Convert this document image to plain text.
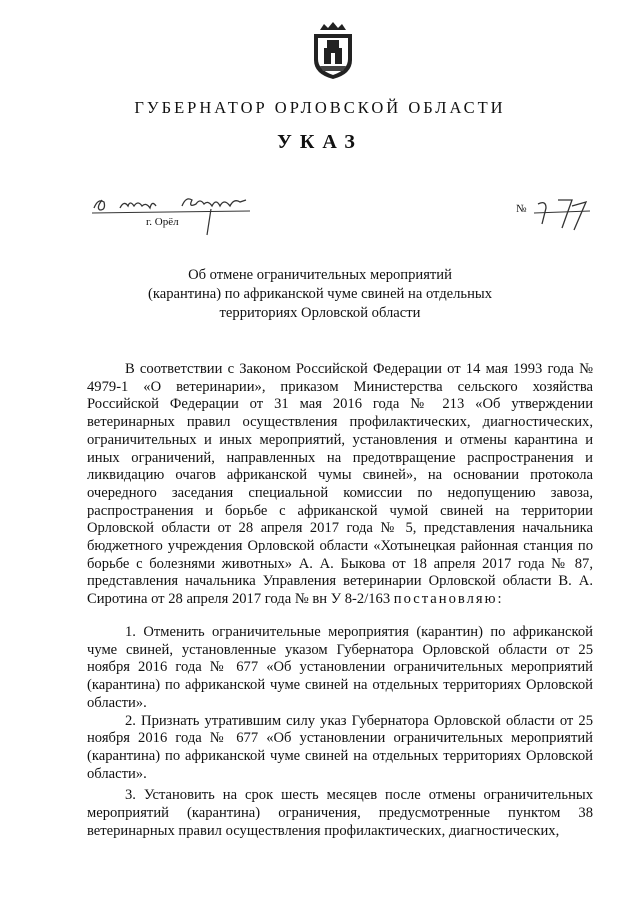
ГУБЕРНАТОР ОРЛОВСКОЙ ОБЛАСТИ
УКАЗ
г. Орёл
№
Об отмене ограничительных мероприятий
(карантина) по африканской чуме свиней на отдельных
территориях Орловской области

В соответствии с Законом Российской Федерации от 14 мая 1993 года № 4979-1 «О ветеринарии», приказом Министерства сельского хозяйства Российской Федерации от 31 мая 2016 года № 213 «Об утверждении ветеринарных правил осуществления профилактических, диагностических, ограничительных и иных мероприятий, установления и отмены карантина и иных ограничений, направленных на предотвращение распространения и ликвидацию очагов африканской чумы свиней», на основании протокола очередного заседания специальной комиссии по недопущению завоза, распространения и борьбе с африканской чумой свиней на территории Орловской области от 28 апреля 2017 года № 5, представления начальника бюджетного учреждения Орловской области «Хотынецкая районная станция по борьбе с болезнями животных» А. А. Быкова от 18 апреля 2017 года № 87, представления начальника Управления ветеринарии Орловской области В. А. Сиротина от 28 апреля 2017 года № вн У 8-2/163 постановляю:

1. Отменить ограничительные мероприятия (карантин) по африканской чуме свиней, установленные указом Губернатора Орловской области от 25 ноября 2016 года № 677 «Об установлении ограничительных мероприятий (карантина) по африканской чуме свиней на отдельных территориях Орловской области».

2. Признать утратившим силу указ Губернатора Орловской области от 25 ноября 2016 года № 677 «Об установлении ограничительных мероприятий (карантина) по африканской чуме свиней на отдельных территориях Орловской области».

3. Установить на срок шесть месяцев после отмены ограничительных мероприятий (карантина) ограничения, предусмотренные пунктом 38 ветеринарных правил осуществления профилактических, диагностических,
